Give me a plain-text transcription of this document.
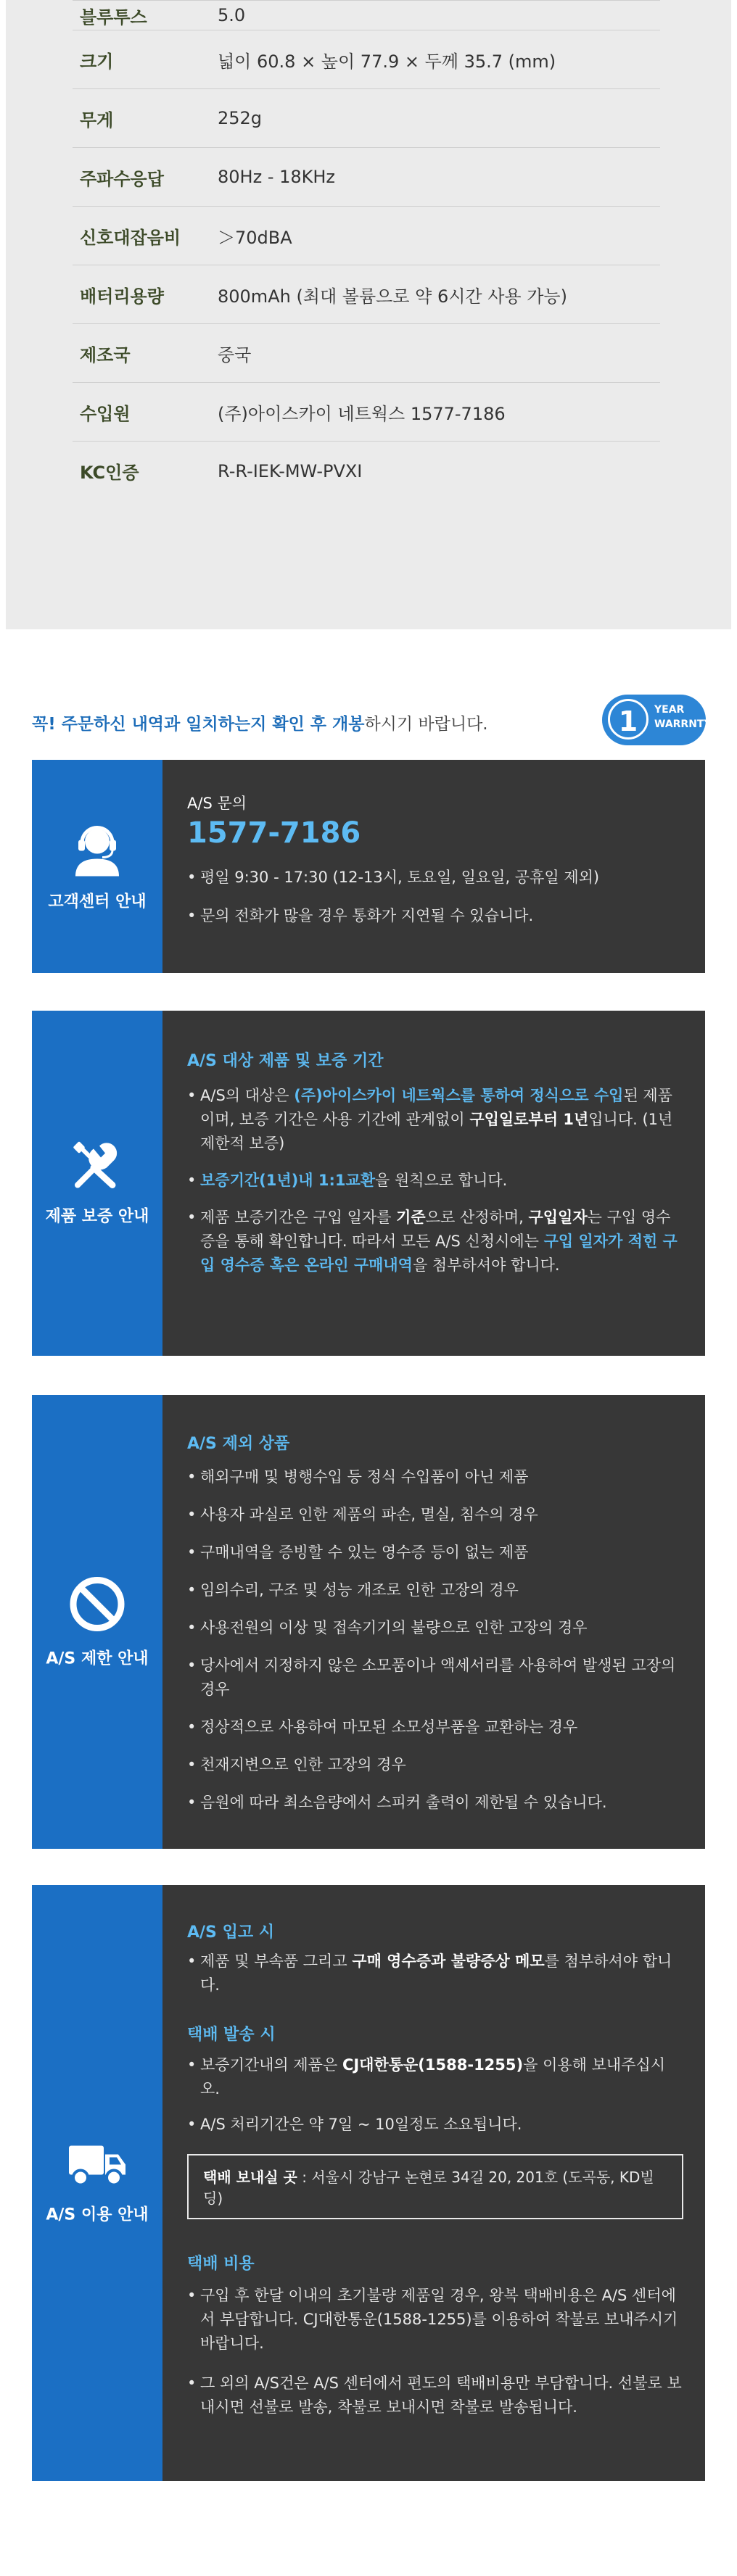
블루투스	5.0
크기	넓이 60.8 × 높이 77.9 × 두께 35.7 (mm)
무게	252g
주파수응답	80Hz - 18KHz
신호대잡음비	＞70dBA
배터리용량	800mAh (최대 볼륨으로 약 6시간 사용 가능)
제조국	중국
수입원	(주)아이스카이 네트웍스 1577-7186
KC인증	R-R-IEK-MW-PVXI
꼭! 주문하신 내역과 일치하는지 확인 후 개봉하시기 바랍니다.	1	YEAR
WARRNTY
고객센터 안내
A/S 문의
1577-7186
• 평일 9:30 - 17:30 (12-13시, 토요일, 일요일, 공휴일 제외)
• 문의 전화가 많을 경우 통화가 지연될 수 있습니다.
제품 보증 안내
A/S 대상 제품 및 보증 기간
• A/S의 대상은 (주)아이스카이 네트웍스를 통하여 정식으로 수입된 제품이며, 보증 기간은 사용 기간에 관계없이 구입일로부터 1년입니다. (1년 제한적 보증)
• 보증기간(1년)내 1:1교환을 원칙으로 합니다.
• 제품 보증기간은 구입 일자를 기준으로 산정하며, 구입일자는 구입 영수증을 통해 확인합니다. 따라서 모든 A/S 신청시에는 구입 일자가 적힌 구입 영수증 혹은 온라인 구매내역을 첨부하셔야 합니다.
A/S 제한 안내
A/S 제외 상품
• 해외구매 및 병행수입 등 정식 수입품이 아닌 제품
• 사용자 과실로 인한 제품의 파손, 멸실, 침수의 경우
• 구매내역을 증빙할 수 있는 영수증 등이 없는 제품
• 임의수리, 구조 및 성능 개조로 인한 고장의 경우
• 사용전원의 이상 및 접속기기의 불량으로 인한 고장의 경우
• 당사에서 지정하지 않은 소모품이나 액세서리를 사용하여 발생된 고장의 경우
• 정상적으로 사용하여 마모된 소모성부품을 교환하는 경우
• 천재지변으로 인한 고장의 경우
• 음원에 따라 최소음량에서 스피커 출력이 제한될 수 있습니다.
A/S 이용 안내
A/S 입고 시
• 제품 및 부속품 그리고 구매 영수증과 불량증상 메모를 첨부하셔야 합니다.
택배 발송 시
• 보증기간내의 제품은 CJ대한통운(1588-1255)을 이용해 보내주십시오.
• A/S 처리기간은 약 7일 ~ 10일정도 소요됩니다.
택배 보내실 곳 : 서울시 강남구 논현로 34길 20, 201호 (도곡동, KD빌딩)
택배 비용
• 구입 후 한달 이내의 초기불량 제품일 경우, 왕복 택배비용은 A/S 센터에서 부담합니다. CJ대한통운(1588-1255)를 이용하여 착불로 보내주시기 바랍니다.
• 그 외의 A/S건은 A/S 센터에서 편도의 택배비용만 부담합니다. 선불로 보내시면 선불로 발송, 착불로 보내시면 착불로 발송됩니다.
